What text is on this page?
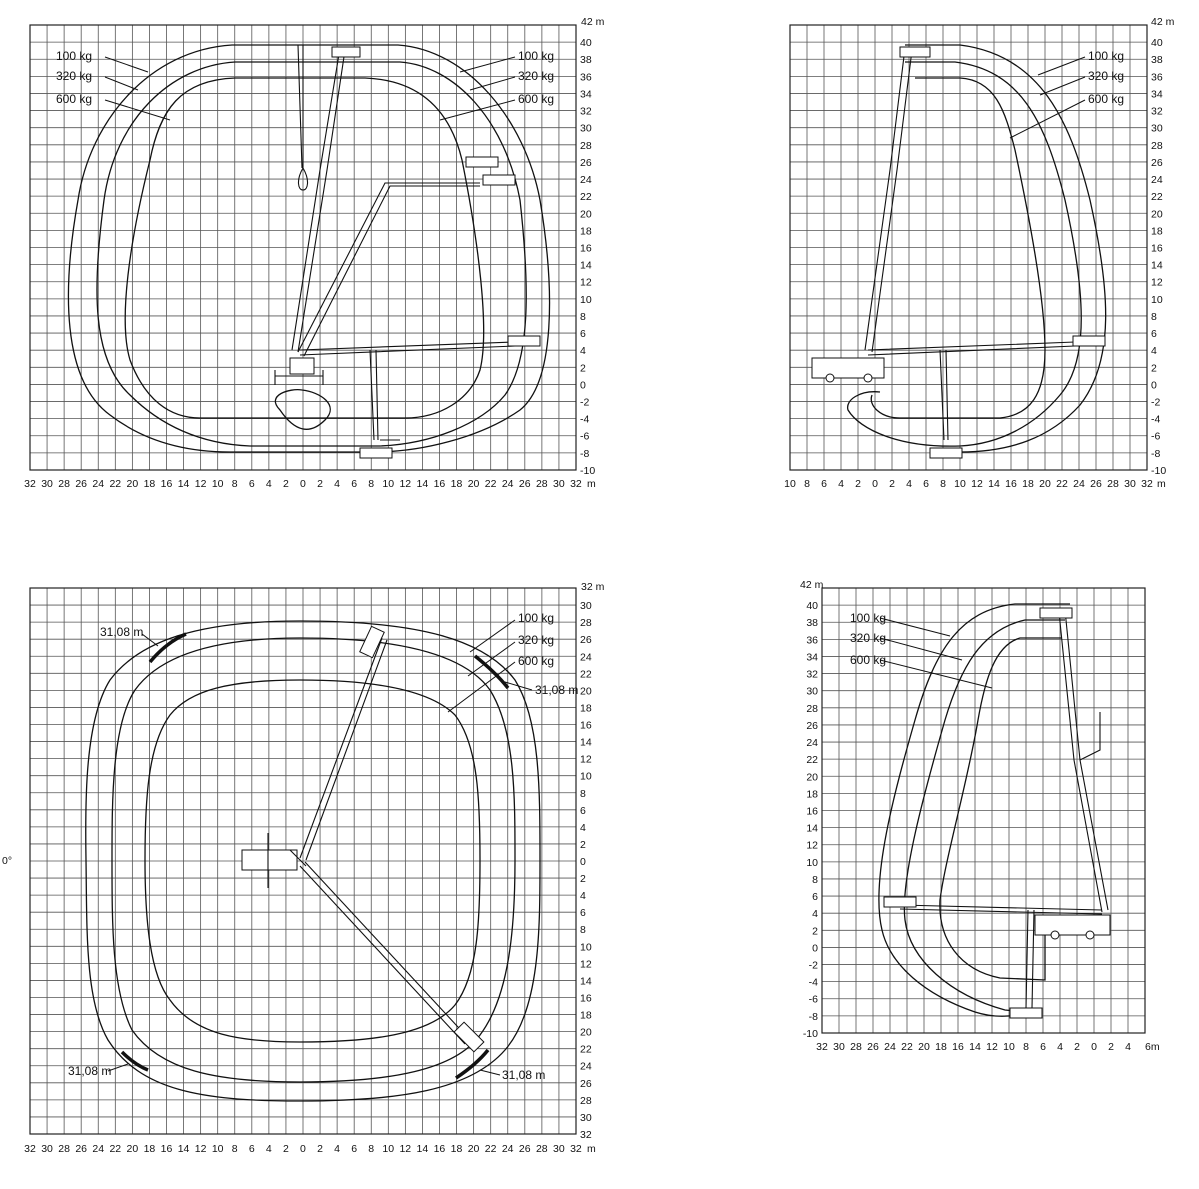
40
38
36
34
32
30
28
26
24
22
20
18
16
14
12
10
8
6
4
2
0
-2
-4
-6
-8
-10
32 30 28 26 24 22 20 18 16 14 12 10 8 6 4 2 0 2 4 6 8 10 12 14 16 18 20 22 24 26 28 30 32
42 m
m
100 kg
320 kg
600 kg
100 kg
320 kg
600 kg
40
38
36
34
32
30
28
26
24
22
20
18
16
14
12
10
8
6
4
2
0
-2
-4
-6
-8
-10
10 8 6 4 2 0 2 4 6 8 10 12 14 16 18 20 22 24 26 28 30 32
42 m
m
100 kg
320 kg
600 kg
30
28
26
24
22
20
18
16
14
12
10
8
6
4
2
0
2
4
6
8
10
12
14
16
18
20
22
24
26
28
30
32
32 30 28 26 24 22 20 18 16 14 12 10 8 6 4 2 0 2 4 6 8 10 12 14 16 18 20 22 24 26 28 30 32
32 m
m
0°
100 kg
320 kg
600 kg
31,08 m
31,08 m
31,08 m	31,08 m
40
38
36
34
32
30
28
26
24
22
20
18
16
14
12
10
8
6
4
2
0
-2
-4
-6
-8
-10
32 30 28 26 24 22 20 18 16 14 12 10 8 6 4 2 0 2 4
42 m
6m
100 kg
320 kg
600 kg
